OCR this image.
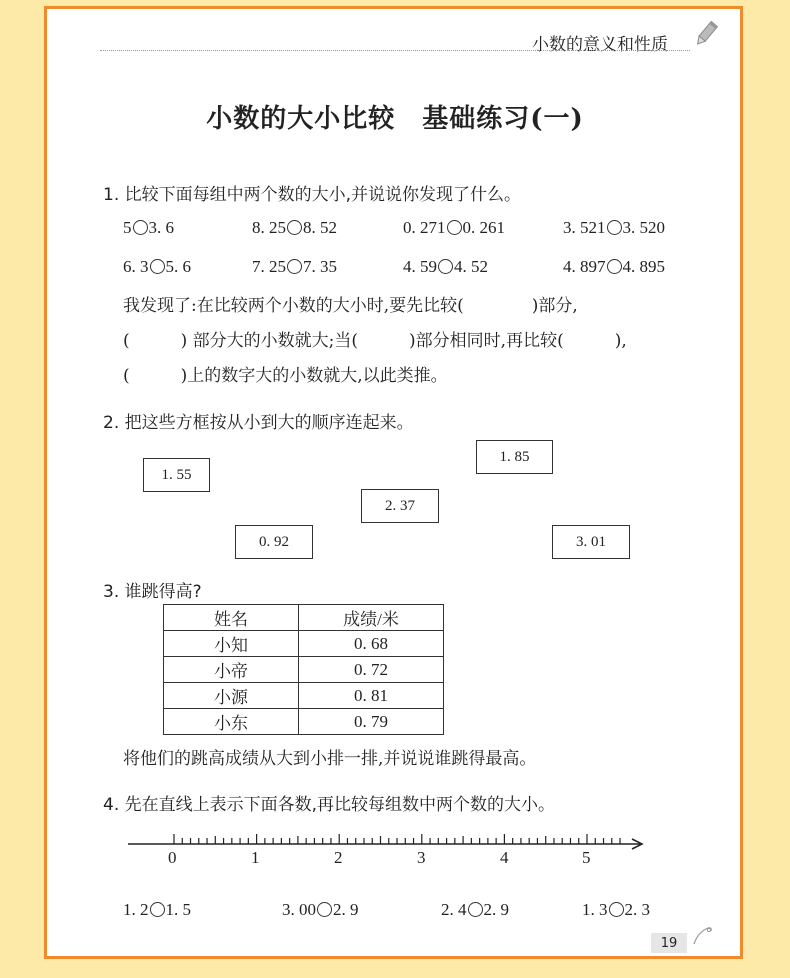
小数的意义和性质
小数的大小比较　基础练习(一)
1. 比较下面每组中两个数的大小,并说说你发现了什么。
5 3. 6	8. 25 8. 52	0. 271 0. 261	3. 521 3. 520
6. 3 5. 6	7. 25 7. 35	4. 59 4. 52	4. 897 4. 895
我发现了:在比较两个小数的大小时,要先比较(　　　　)部分,
(　　　) 部分大的小数就大;当(　　　)部分相同时,再比较(　　　),
(　　　)上的数字大的小数就大,以此类推。
2. 把这些方框按从小到大的顺序连起来。
1. 55
1. 85
2. 37
0. 92	3. 01
3. 谁跳得高?
姓名	成绩/米
小知	0. 68
小帝	0. 72
小源	0. 81
小东	0. 79
将他们的跳高成绩从大到小排一排,并说说谁跳得最高。
4. 先在直线上表示下面各数,再比较每组数中两个数的大小。
0	1	2	3	4	5
1. 2 1. 5	3. 00 2. 9	2. 4 2. 9	1. 3 2. 3
19
